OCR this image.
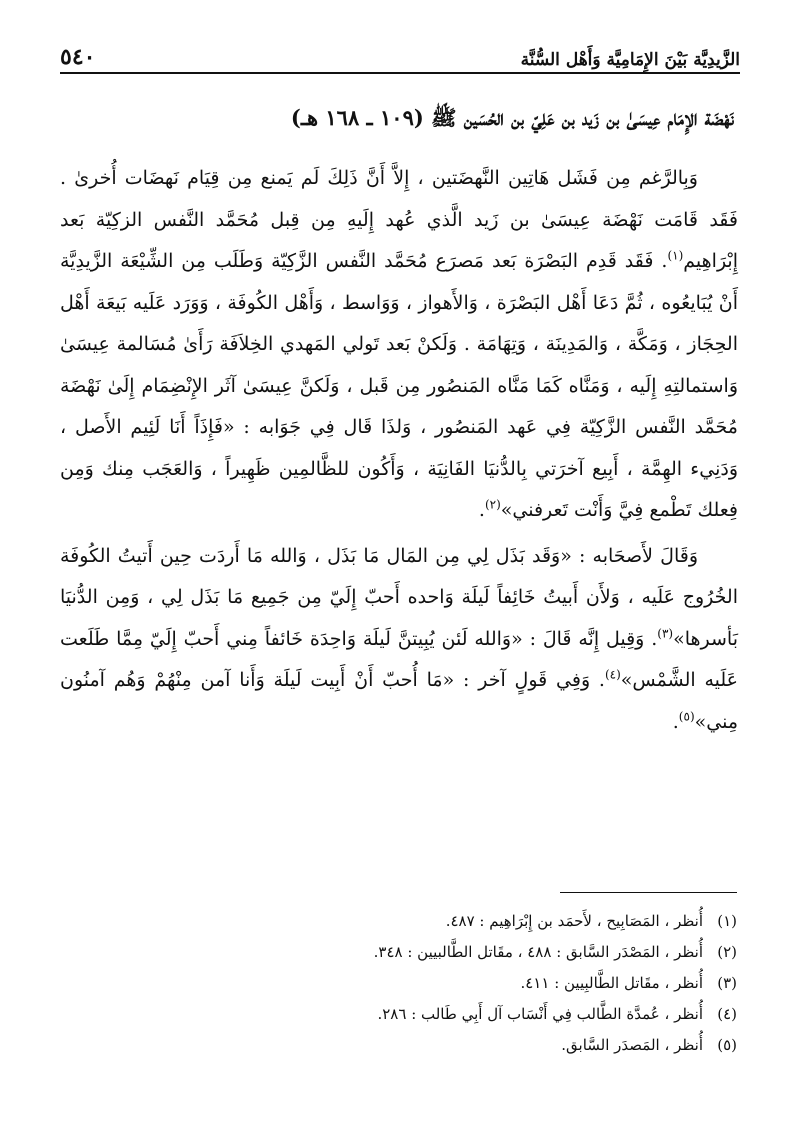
الزَّيدِيَّة بَيْنَ الإِمَامِيَّة وَأَهْل السُّنَّة
٥٤٠
نَهْضَة الإِمَام عِيسَىٰ بن زَيد بن عَلِيّ بن الحُسَين ﷺ (١٠٩ ـ ١٦٨ هـ)

وَبِالرَّغم مِن فَشَل هَاتِين النَّهضَتين ، إِلاَّ أَنَّ ذَلِكَ لَم يَمنع مِن قِيَام نَهضَات أُخرىٰ . فَقَد قَامَت نَهْضَة عِيسَىٰ بن زَيد الَّذي عُهد إِلَيهِ مِن قِبل مُحَمَّد النَّفس الزكِيّة بَعد إِبْرَاهِيم$^{(١)}$. فَقَد قَدِم البَصْرَة بَعد مَصرَع مُحَمَّد النَّفس الزَّكِيّة وَطَلَب مِن الشِّيْعَة الزَّيدِيَّة أَنْ يُبَايعُوه ، ثُمَّ دَعَا أَهْل البَصْرَة ، وَالأَهواز ، وَوَاسط ، وَأَهْل الكُوفَة ، وَوَرَد عَلَيه بَيعَة أَهْل الحِجَاز ، وَمَكَّة ، وَالمَدِينَة ، وَتِهَامَة . وَلَكنْ بَعد تَولي المَهدي الخِلاَفَة رَأَىٰ مُسَالمة عِيسَىٰ وَاستمالتِهِ إِلَيه ، وَمَنَّاه كَمَا مَنَّاه المَنصُور مِن قَبل ، وَلَكنَّ عِيسَىٰ آثَر الإِنْضِمَام إِلَىٰ نَهْضَة مُحَمَّد النَّفس الزَّكِيّة فِي عَهد المَنصُور ، وَلذَا قَال فِي جَوَابه : «فَإِذَاً أَنَا لَئِيم الأَصل ، وَدَنِيء الهِمَّة ، أَبِيع آخرَتي بِالدُّنيَا الفَانِيَة ، وَأَكُون للظَّالمِين ظَهِيراً ، وَالعَجَب مِنك وَمِن فِعلك تَطْمع فِيَّ وَأَنْت تَعرفني»$^{(٢)}$.

وَقَالَ لأَصحَابه : «وَقَد بَذَل لِي مِن المَال مَا بَذَل ، وَالله مَا أَردَت حِين أَتيتُ الكُوفَة الخُرُوج عَلَيه ، وَلأَن أَبيتُ خَائِفاً لَيلَة وَاحده أَحبّ إِلَيّ مِن جَمِيع مَا بَذَل لِي ، وَمِن الدُّنيَا بَأسرها»$^{(٣)}$. وَقِيل إِنَّه قَالَ : «وَالله لَئن يُبِيتنَّ لَيلَة وَاحِدَة خَائفاً مِني أَحبّ إِلَيّ مِمَّا طَلَعت عَلَيه الشَّمْس»$^{(٤)}$. وَفِي قَولٍ آخر : «مَا أُحبّ أَنْ أَبِيت لَيلَة وَأَنا آمن مِنْهُمْ وَهُم آمنُون مِني»$^{(٥)}$.

(١)
أُنظر ، المَصَابِيح ، لأَحمَد بن إِبْرَاهِيم : ٤٨٧.
(٢)
أُنظر ، المَصْدَر السَّابق : ٤٨٨ ، مقَاتل الطَّالبيين : ٣٤٨.
(٣)
أُنظر ، مقَاتل الطَّالبِيين : ٤١١.
(٤)
أُنظر ، عُمدَّة الطَّالب فِي أَنْسَاب آل أَبِي طَالب : ٢٨٦.
(٥)
أُنظر ، المَصدَر السَّابق.
